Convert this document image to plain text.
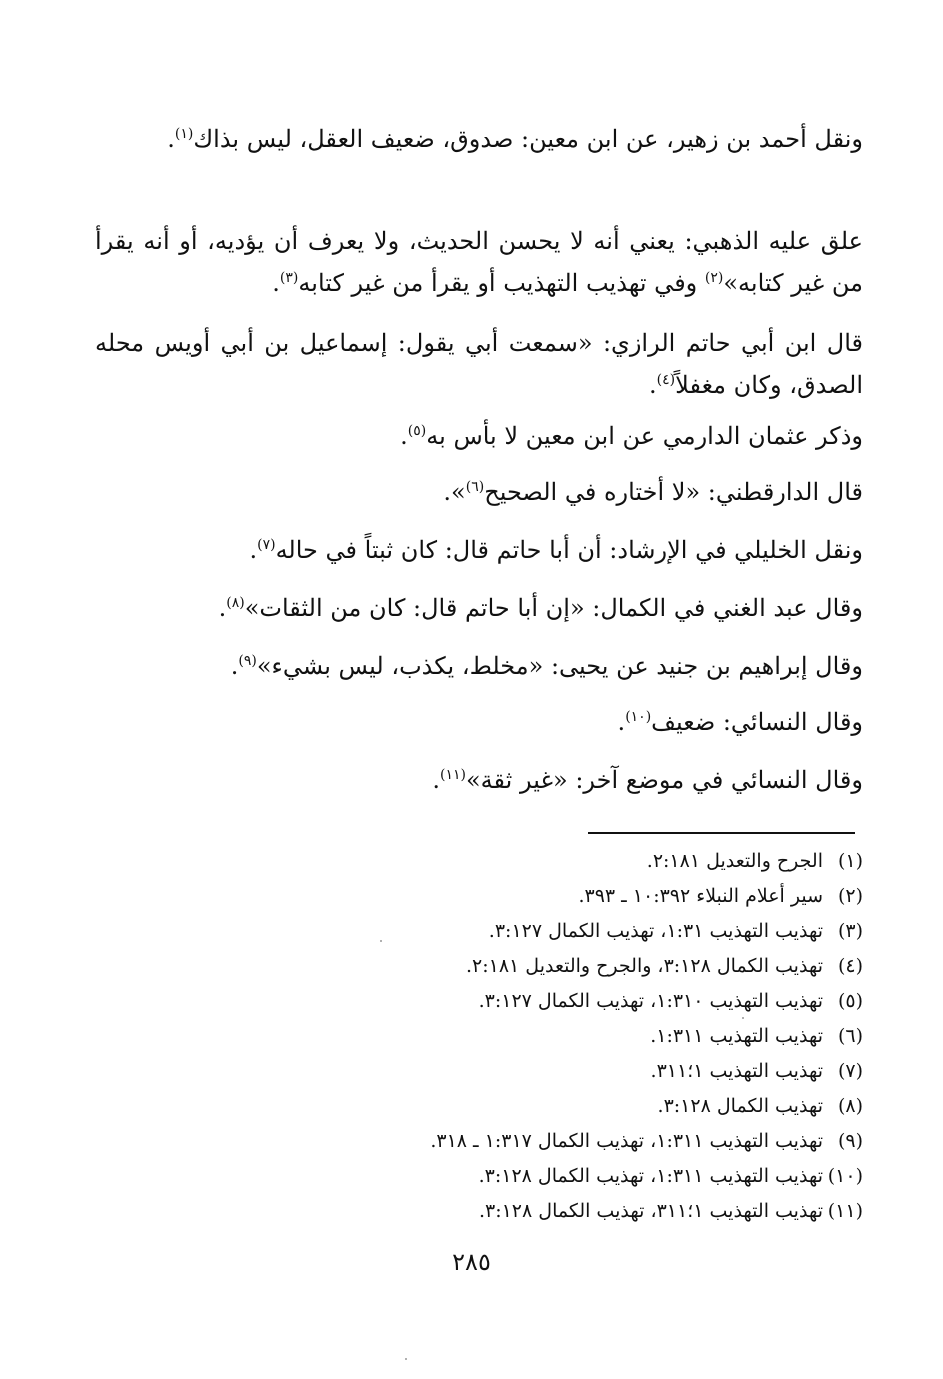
ونقل أحمد بن زهير، عن ابن معين: صدوق، ضعيف العقل، ليس بذاك$^{(١)}$.
علق عليه الذهبي: يعني أنه لا يحسن الحديث، ولا يعرف أن يؤديه، أو أنه يقرأ من غير كتابه»$^{(٢)}$ وفي تهذيب التهذيب أو يقرأ من غير كتابه$^{(٣)}$.
قال ابن أبي حاتم الرازي: «سمعت أبي يقول: إسماعيل بن أبي أويس محله الصدق، وكان مغفلاً$^{(٤)}$.
وذكر عثمان الدارمي عن ابن معين لا بأس به$^{(٥)}$.
قال الدارقطني: «لا أختاره في الصحيح$^{(٦)}$».
ونقل الخليلي في الإرشاد: أن أبا حاتم قال: كان ثبتاً في حاله$^{(٧)}$.
وقال عبد الغني في الكمال: «إن أبا حاتم قال: كان من الثقات»$^{(٨)}$.
وقال إبراهيم بن جنيد عن يحيى: «مخلط، يكذب، ليس بشيء»$^{(٩)}$.
وقال النسائي: ضعيف$^{(١٠)}$.
وقال النسائي في موضع آخر: «غير ثقة»$^{(١١)}$.
(١)الجرح والتعديل ٢:١٨١.
(٢)سير أعلام النبلاء ١٠:٣٩٢ ـ ٣٩٣.
(٣)تهذيب التهذيب ١:٣١، تهذيب الكمال ٣:١٢٧.
(٤)تهذيب الكمال ٣:١٢٨، والجرح والتعديل ٢:١٨١.
(٥)تهذيب التهذيب ١:٣١٠، تهذيب الكمال ٣:١٢٧.
(٦)تهذيب التهذيب ١:٣١١.
(٧)تهذيب التهذيب ١؛٣١١.
(٨)تهذيب الكمال ٣:١٢٨.
(٩)تهذيب التهذيب ١:٣١١، تهذيب الكمال ١:٣١٧ ـ ٣١٨.
(١٠)تهذيب التهذيب ١:٣١١، تهذيب الكمال ٣:١٢٨.
(١١)تهذيب التهذيب ١؛٣١١، تهذيب الكمال ٣:١٢٨.
٢٨٥
